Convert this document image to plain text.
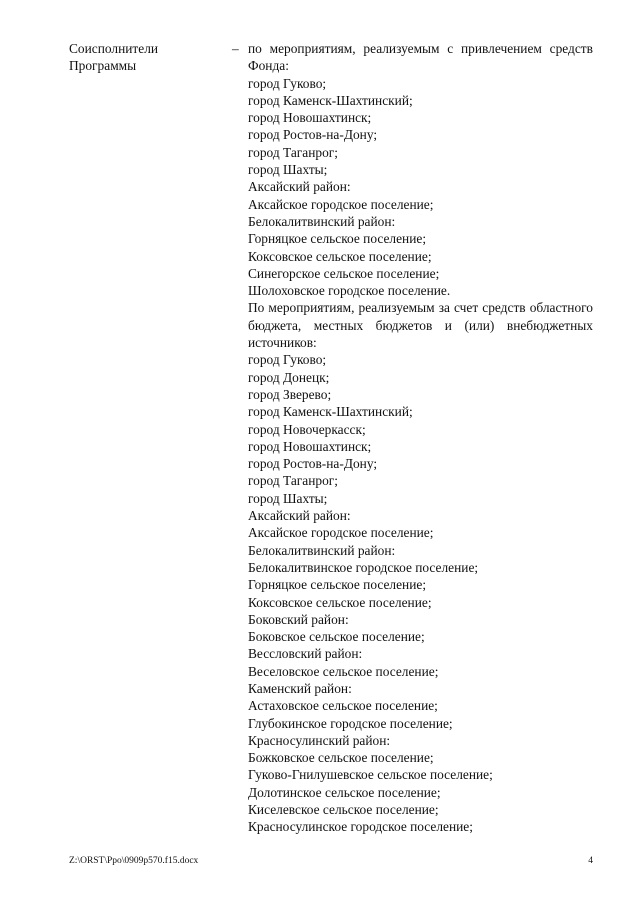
Соисполнители
Программы
– по мероприятиям, реализуемым с привлечением средств Фонда:

город Гуково;
город Каменск-Шахтинский;
город Новошахтинск;
город Ростов-на-Дону;
город Таганрог;
город Шахты;
Аксайский район:
Аксайское городское поселение;
Белокалитвинский район:
Горняцкое сельское поселение;
Коксовское сельское поселение;
Синегорское сельское поселение;
Шолоховское городское поселение.

По мероприятиям, реализуемым за счет средств областного бюджета, местных бюджетов и (или) внебюджетных источников:

город Гуково;
город Донецк;
город Зверево;
город Каменск-Шахтинский;
город Новочеркасск;
город Новошахтинск;
город Ростов-на-Дону;
город Таганрог;
город Шахты;
Аксайский район:
Аксайское городское поселение;
Белокалитвинский район:
Белокалитвинское городское поселение;
Горняцкое сельское поселение;
Коксовское сельское поселение;
Боковский район:
Боковское сельское поселение;
Весcловский район:
Веселовское сельское поселение;
Каменский район:
Астаховское сельское поселение;
Глубокинское городское поселение;
Красносулинский район:
Божковское сельское поселение;
Гуково-Гнилушевское сельское поселение;
Долотинское сельское поселение;
Киселевское сельское поселение;
Красносулинское городское поселение;
Z:\ORST\Ppo\0909p570.f15.docx	4
